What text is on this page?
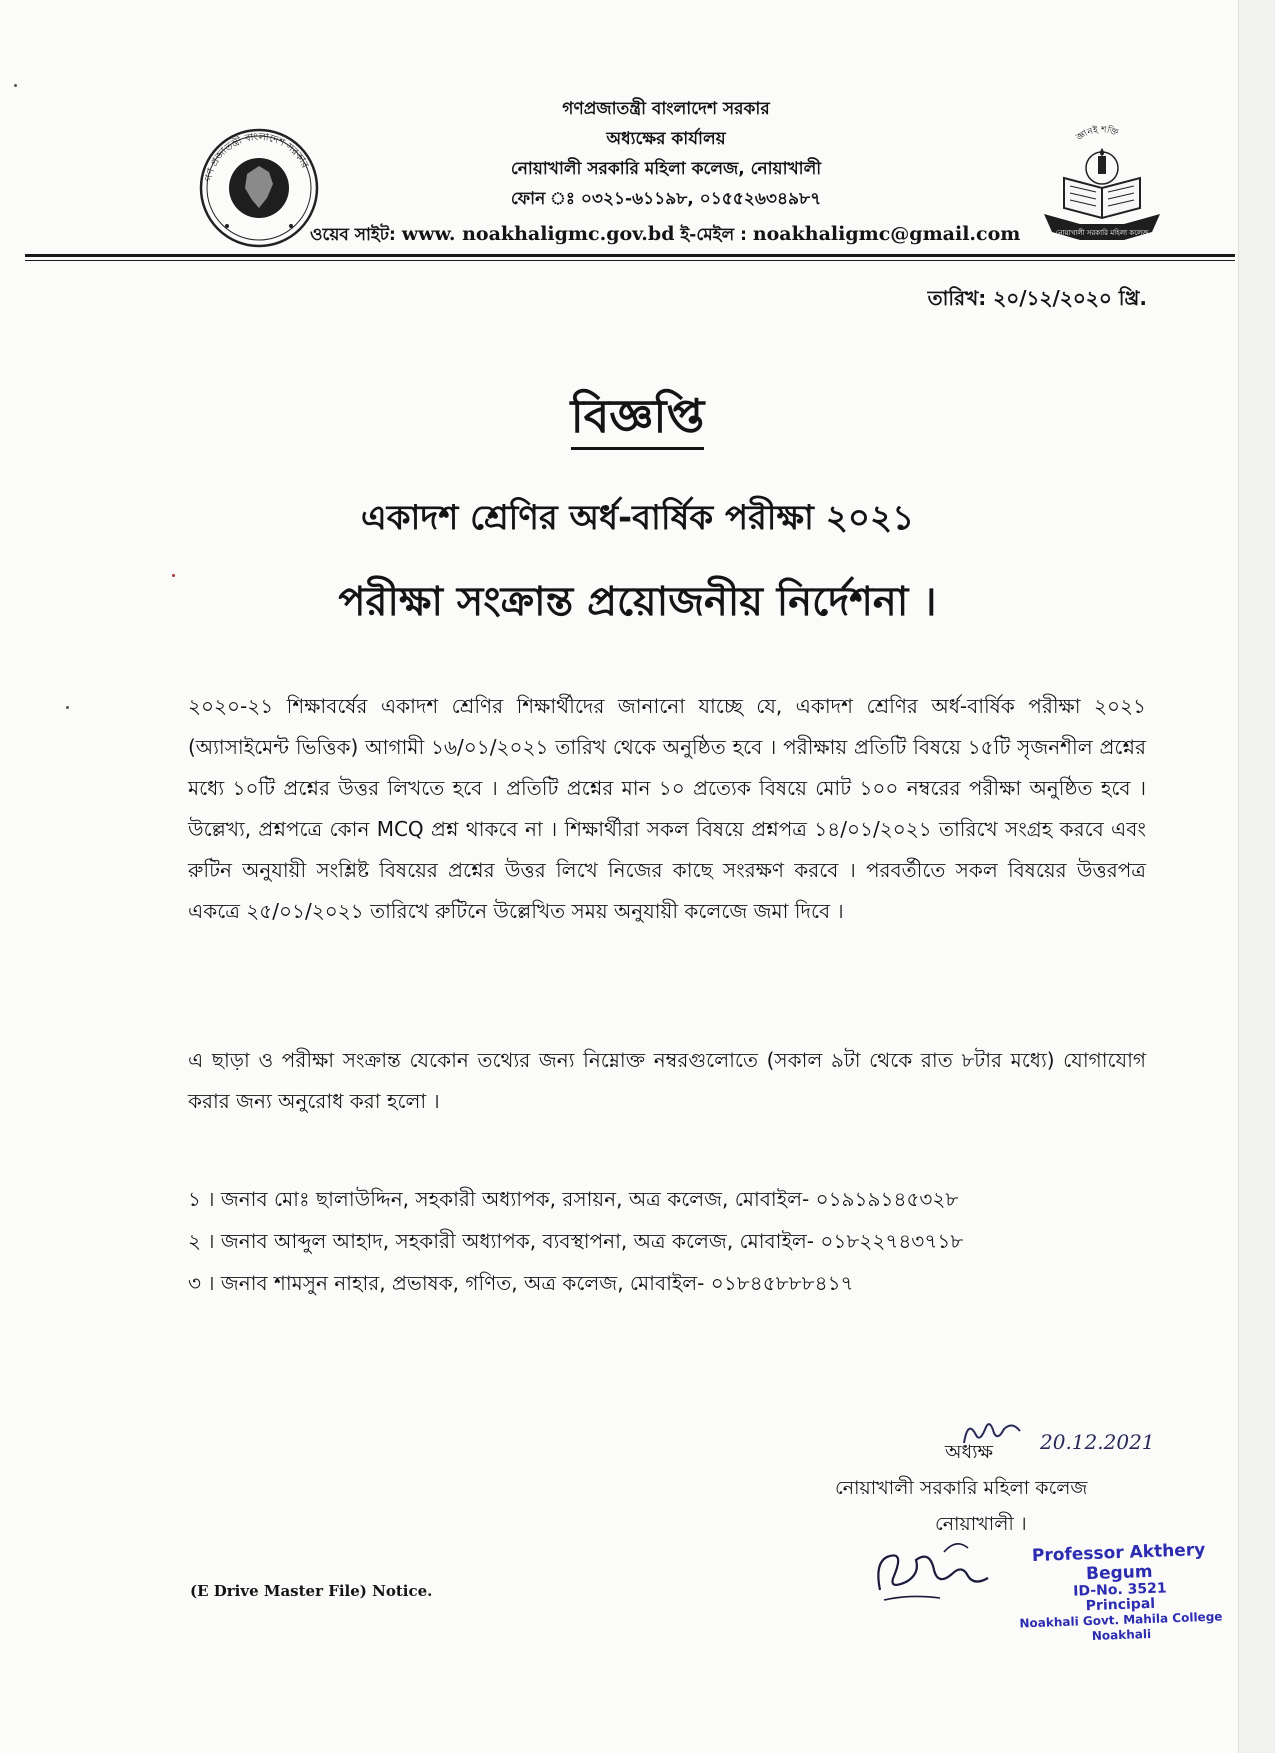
গণ প্রজাতন্ত্রী বাংলাদেশ সরকার
জ্ঞানই শক্তি
নোয়াখালী সরকারি মহিলা কলেজ
গণপ্রজাতন্ত্রী বাংলাদেশ সরকার
অধ্যক্ষের কার্যালয়
নোয়াখালী সরকারি মহিলা কলেজ, নোয়াখালী
ফোন ঃ ০৩২১-৬১১৯৮, ০১৫৫২৬৩৪৯৮৭
ওয়েব সাইট: www. noakhaligmc.gov.bd ই-মেইল : noakhaligmc@gmail.com
তারিখ: ২০/১২/২০২০ খ্রি.
বিজ্ঞপ্তি
একাদশ শ্রেণির অর্ধ-বার্ষিক পরীক্ষা ২০২১
পরীক্ষা সংক্রান্ত প্রয়োজনীয় নির্দেশনা ।
২০২০-২১ শিক্ষাবর্ষের একাদশ শ্রেণির শিক্ষার্থীদের জানানো যাচ্ছে যে, একাদশ শ্রেণির অর্ধ-বার্ষিক পরীক্ষা ২০২১ (অ্যাসাইমেন্ট ভিত্তিক) আগামী ১৬/০১/২০২১ তারিখ থেকে অনুষ্ঠিত হবে । পরীক্ষায় প্রতিটি বিষয়ে ১৫টি সৃজনশীল প্রশ্নের মধ্যে ১০টি প্রশ্নের উত্তর লিখতে হবে । প্রতিটি প্রশ্নের মান ১০ প্রত্যেক বিষয়ে মোট ১০০ নম্বরের পরীক্ষা অনুষ্ঠিত হবে । উল্লেখ্য, প্রশ্নপত্রে কোন MCQ প্রশ্ন থাকবে না । শিক্ষার্থীরা সকল বিষয়ে প্রশ্নপত্র ১৪/০১/২০২১ তারিখে সংগ্রহ করবে এবং রুটিন অনুযায়ী সংশ্লিষ্ট বিষয়ের প্রশ্নের উত্তর লিখে নিজের কাছে সংরক্ষণ করবে । পরবর্তীতে সকল বিষয়ের উত্তরপত্র একত্রে ২৫/০১/২০২১ তারিখে রুটিনে উল্লেখিত সময় অনুযায়ী কলেজে জমা দিবে ।
এ ছাড়া ও পরীক্ষা সংক্রান্ত যেকোন তথ্যের জন্য নিম্নোক্ত নম্বরগুলোতে (সকাল ৯টা থেকে রাত ৮টার মধ্যে) যোগাযোগ করার জন্য অনুরোধ করা হলো ।
১ । জনাব মোঃ ছালাউদ্দিন, সহকারী অধ্যাপক, রসায়ন, অত্র কলেজ, মোবাইল- ০১৯১৯১৪৫৩২৮
২ । জনাব আব্দুল আহাদ, সহকারী অধ্যাপক, ব্যবস্থাপনা, অত্র কলেজ, মোবাইল- ০১৮২২৭৪৩৭১৮
৩ । জনাব শামসুন নাহার, প্রভাষক, গণিত, অত্র কলেজ, মোবাইল- ০১৮৪৫৮৮৮৪১৭
20.12.2021
অধ্যক্ষ
নোয়াখালী সরকারি মহিলা কলেজ
নোয়াখালী ।
Professor Akthery Begum
ID-No. 3521
Principal
Noakhali Govt. Mahila College
Noakhali
(E Drive Master File) Notice.
